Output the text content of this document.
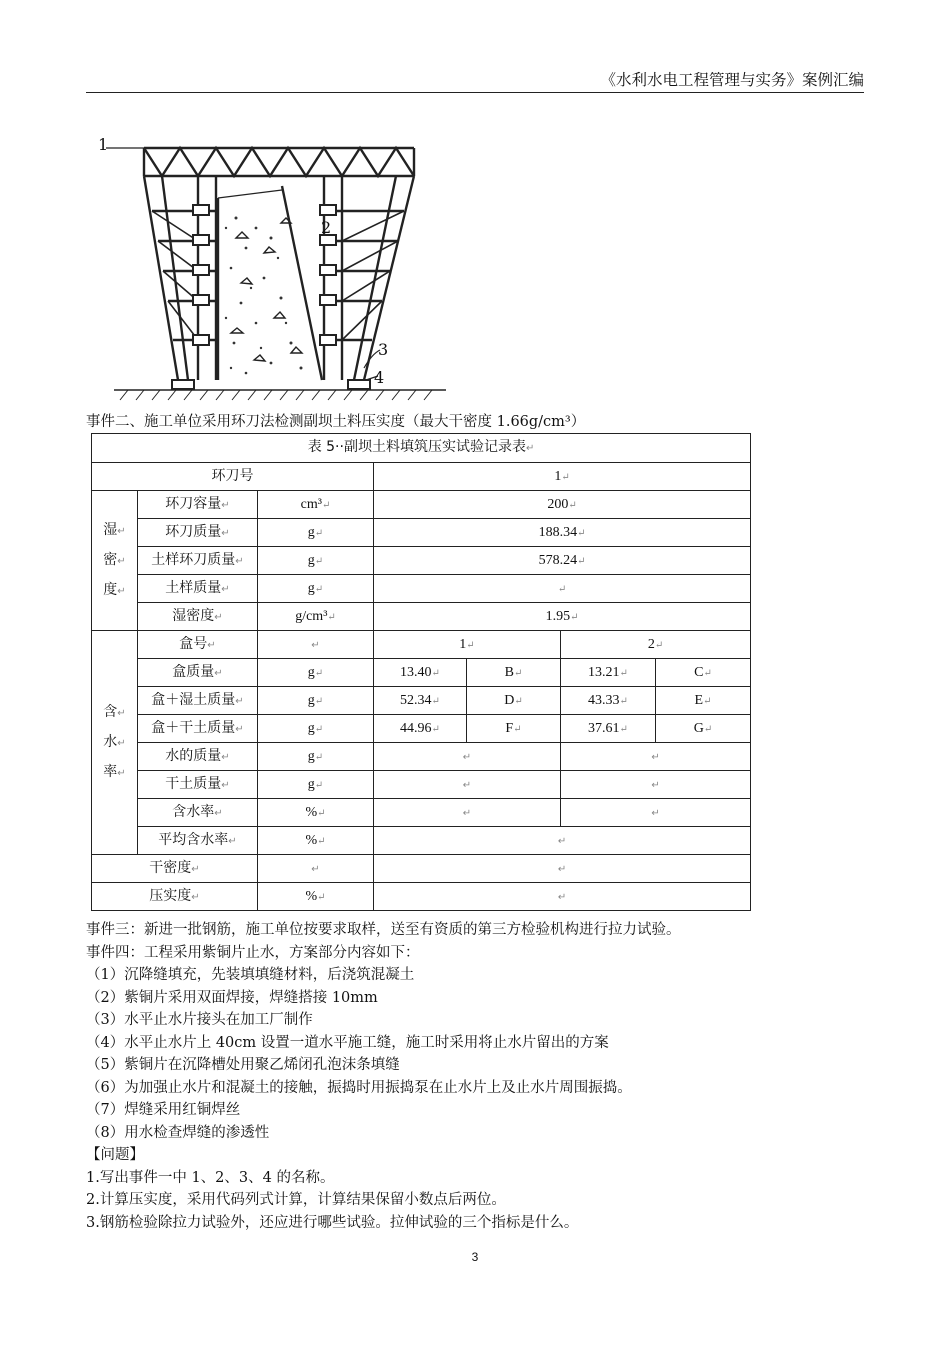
《水利水电工程管理与实务》案例汇编
1
2
3
4
事件二、施工单位采用环刀法检测副坝土料压实度（最大干密度 1.66g/cm³）
表 5··副坝土料填筑压实试验记录表↵						
环刀号			1↵			
湿↵
密↵
度↵	环刀容量↵	cm³↵	200↵			
	环刀质量↵	g↵	188.34↵			
	土样环刀质量↵	g↵	578.24↵			
	土样质量↵	g↵	↵			
	湿密度↵	g/cm³↵	1.95↵			
含↵
水↵
率↵	盒号↵	↵	1↵		2↵	
	盒质量↵	g↵	13.40↵	B↵	13.21↵	C↵
	盒＋湿土质量↵	g↵	52.34↵	D↵	43.33↵	E↵
	盒＋干土质量↵	g↵	44.96↵	F↵	37.61↵	G↵
	水的质量↵	g↵	↵		↵	
	干土质量↵	g↵	↵		↵	
	含水率↵	%↵	↵		↵	
	平均含水率↵	%↵	↵			
干密度↵		↵	↵			
压实度↵		%↵	↵			
事件三：新进一批钢筋，施工单位按要求取样，送至有资质的第三方检验机构进行拉力试验。
事件四：工程采用紫铜片止水，方案部分内容如下：
（1）沉降缝填充，先装填填缝材料，后浇筑混凝土
（2）紫铜片采用双面焊接，焊缝搭接 10mm
（3）水平止水片接头在加工厂制作
（4）水平止水片上 40cm 设置一道水平施工缝，施工时采用将止水片留出的方案
（5）紫铜片在沉降槽处用聚乙烯闭孔泡沫条填缝
（6）为加强止水片和混凝土的接触，振捣时用振捣泵在止水片上及止水片周围振捣。
（7）焊缝采用红铜焊丝
（8）用水检查焊缝的渗透性
【问题】
1.写出事件一中 1、2、3、4 的名称。
2.计算压实度，采用代码列式计算，计算结果保留小数点后两位。
3.钢筋检验除拉力试验外，还应进行哪些试验。拉伸试验的三个指标是什么。
3
